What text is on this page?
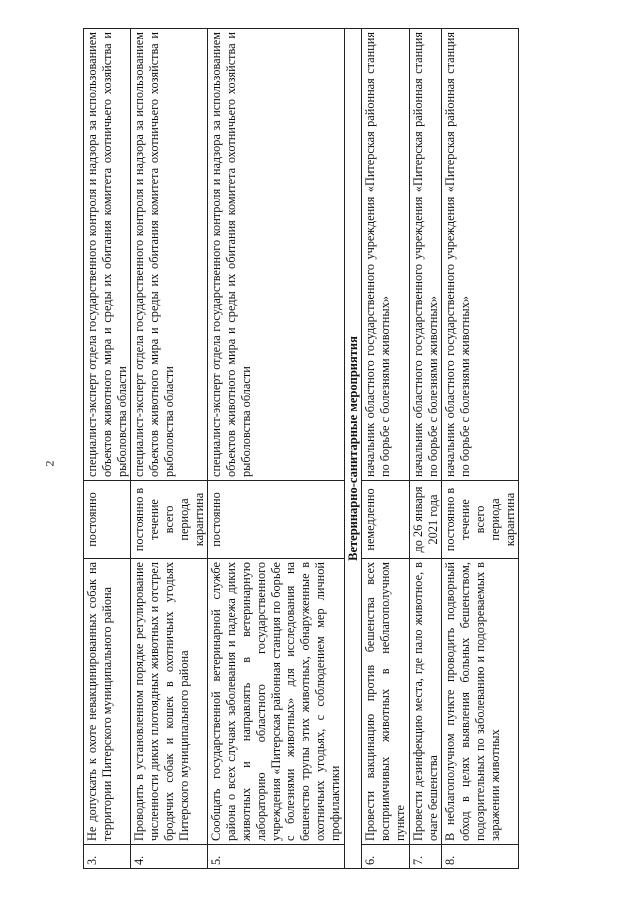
2
3.	Не допускать к охоте невакцинированных собак на территории Питерского муниципального района	постоянно	специалист-эксперт отдела государственного контроля и надзора за использованием объектов животного мира и среды их обитания комитета охотничьего хозяйства и рыболовства области
4.	Проводить в установленном порядке регулирование численности диких плотоядных животных и отстрел бродячих собак и кошек в охотничьих угодьях Питерского муниципального района	постоянно в течение всего периода карантина	специалист-эксперт отдела государственного контроля и надзора за использованием объектов животного мира и среды их обитания комитета охотничьего хозяйства и рыболовства области
5.	Сообщать государственной ветеринарной службе района о всех случаях заболевания и падежа диких животных и направлять в ветеринарную лабораторию областного государственного учреждения «Питерская районная станция по борьбе с болезнями животных» для исследования на бешенство трупы этих животных, обнаруженные в охотничьих угодьях, с соблюдением мер личной профилактики	постоянно	специалист-эксперт отдела государственного контроля и надзора за использованием объектов животного мира и среды их обитания комитета охотничьего хозяйства и рыболовства области
Ветеринарно-санитарные мероприятия			
6.	Провести вакцинацию против бешенства всех восприимчивых животных в неблагополучном пункте	немедленно	начальник областного государственного учреждения «Питерская районная станция по борьбе с болезнями животных»
7.	Провести дезинфекцию места, где пало животное, в очаге бешенства	до 26 января 2021 года	начальник областного государственного учреждения «Питерская районная станция по борьбе с болезнями животных»
8.	В неблагополучном пункте проводить подворный обход в целях выявления больных бешенством, подозрительных по заболеванию и подозреваемых в заражении животных	постоянно в течение всего периода карантина	начальник областного государственного учреждения «Питерская районная станция по борьбе с болезнями животных»
